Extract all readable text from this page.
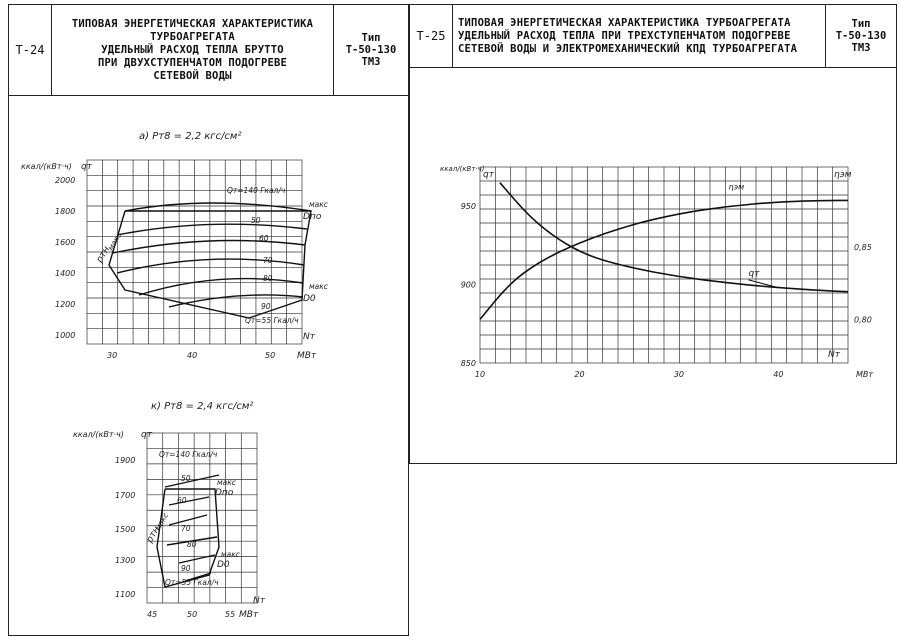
Т-24
ТИПОВАЯ ЭНЕРГЕТИЧЕСКАЯ ХАРАКТЕРИСТИКА
ТУРБОАГРЕГАТА
УДЕЛЬНЫЙ РАСХОД ТЕПЛА БРУТТО
ПРИ ДВУХСТУПЕНЧАТОМ ПОДОГРЕВЕ
СЕТЕВОЙ ВОДЫ
Тип
Т-50-130
ТМЗ
а) Pт8 = 2,2 кгс/см²
ккал/(кВт·ч) qт
2000
1800
1600
1400
1200
1000
30	40	50 МВт
Nт
Qт=140 Гкал/ч
Qт=55 Гкал/ч
50
60
70
80
90
макс
Dпо
макс
D0
макс
pтн
к) Pт8 = 2,4 кгс/см²
ккал/(кВт·ч) qт
1900
1700
1500
1300
1100
45	50	55 МВт
Nт
Qт=140 Гкал/ч
Qт=55 Гкал/ч
50
60
70
80
90
макс
Dпо
макс
D0
макс
pтн
Т-25
ТИПОВАЯ ЭНЕРГЕТИЧЕСКАЯ ХАРАКТЕРИСТИКА ТУРБОАГРЕГАТА
УДЕЛЬНЫЙ РАСХОД ТЕПЛА ПРИ ТРЕХСТУПЕНЧАТОМ ПОДОГРЕВЕ
СЕТЕВОЙ ВОДЫ И ЭЛЕКТРОМЕХАНИЧЕСКИЙ КПД ТУРБОАГРЕГАТА
Тип
Т-50-130
ТМЗ
850
900
950
0,80
0,85
10	20	30	40
ккал/(кВт·ч)
qт	ηэм
Nт
МВт
ηэм
qт
